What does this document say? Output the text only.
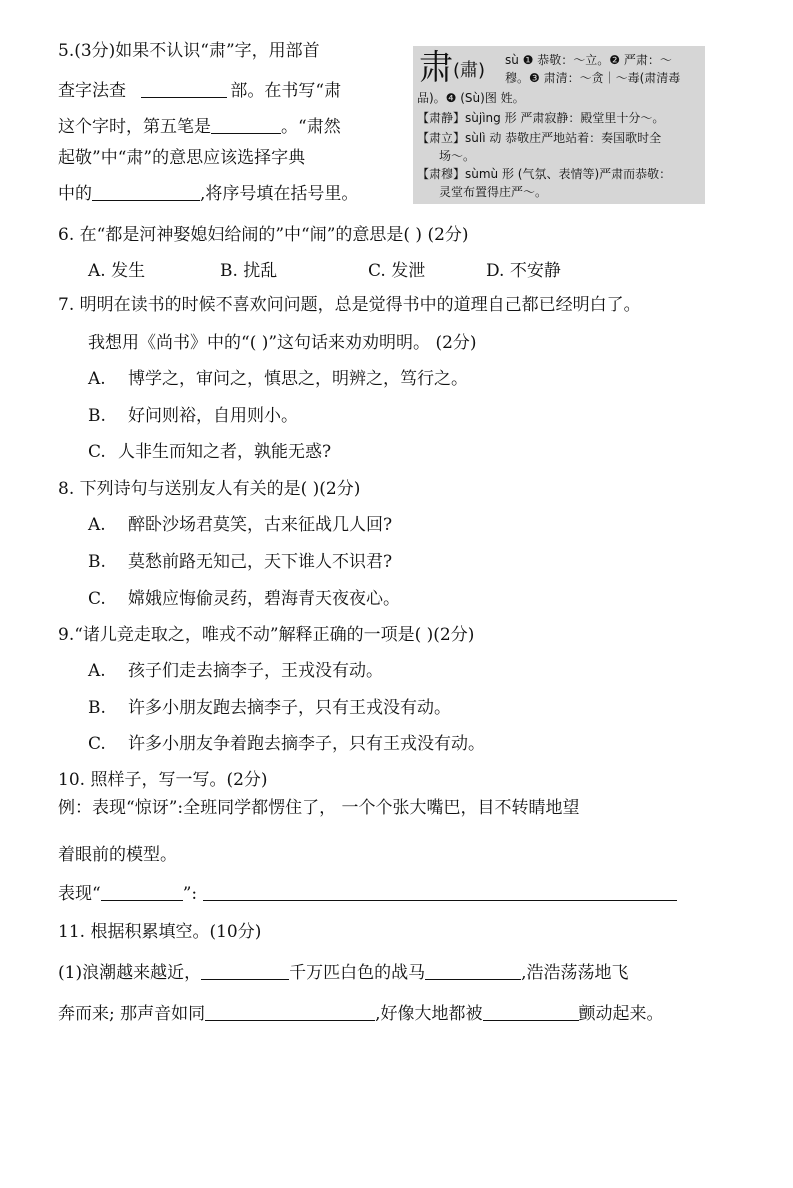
5.(3分)如果不认识“肃”字，用部首
查字法查	部。在书写“肃
这个字时，第五笔是	。“肃然
起敬”中“肃”的意思应该选择字典
中的	,将序号填在括号里。
肃 (肅) sù ❶ 恭敬：～立。❷ 严肃：～
穆。❸ 肃清：～贪｜～毒(肃清毒
品)。❹ (Sù)图 姓。
【肃静】sùjìng 形 严肃寂静：殿堂里十分～。
【肃立】sùlì 动 恭敬庄严地站着：奏国歌时全
场～。
【肃穆】sùmù 形 (气氛、表情等)严肃而恭敬：
灵堂布置得庄严～。
6. 在“都是河神娶媳妇给闹的”中“闹”的意思是( ) (2分)
A. 发生	B. 扰乱	C. 发泄	D. 不安静
7. 明明在读书的时候不喜欢问问题，总是觉得书中的道理自己都已经明白了。
我想用《尚书》中的“( )”这句话来劝劝明明。 (2分)
A. 博学之，审问之，慎思之，明辨之，笃行之。
B. 好问则裕，自用则小。
C. 人非生而知之者，孰能无惑?
8. 下列诗句与送别友人有关的是( )(2分)
A. 醉卧沙场君莫笑，古来征战几人回?
B. 莫愁前路无知己，天下谁人不识君?
C. 嫦娥应悔偷灵药，碧海青天夜夜心。
9.“诸儿竞走取之，唯戎不动”解释正确的一项是( )(2分)
A. 孩子们走去摘李子，王戎没有动。
B. 许多小朋友跑去摘李子，只有王戎没有动。
C. 许多小朋友争着跑去摘李子，只有王戎没有动。
10. 照样子，写一写。(2分)
例：表现“惊讶”:全班同学都愣住了， 一个个张大嘴巴，目不转睛地望
着眼前的模型。
表现“	”:
11. 根据积累填空。(10分)
(1)浪潮越来越近，	千万匹白色的战马	,浩浩荡荡地飞
奔而来; 那声音如同	,好像大地都被	颤动起来。
